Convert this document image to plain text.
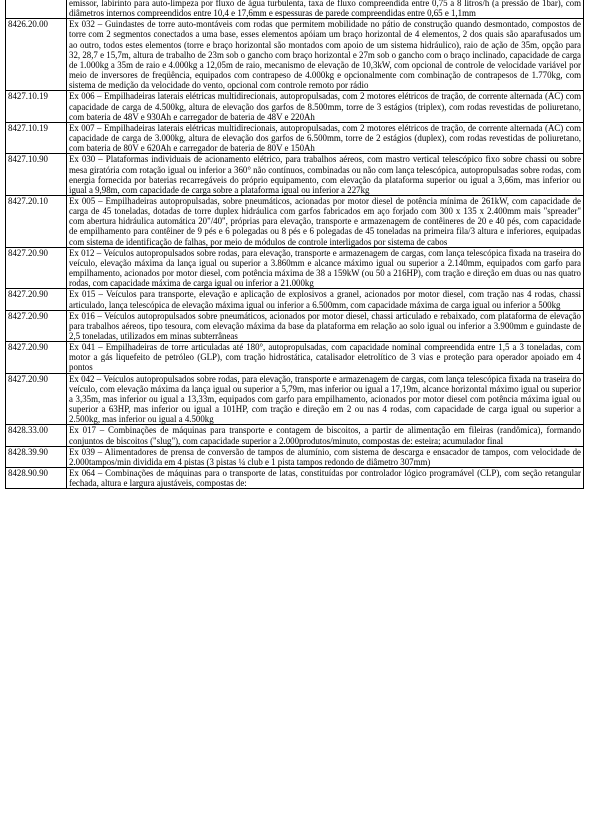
	emissor, labirinto para auto-limpeza por fluxo de água turbulenta, taxa de fluxo compreendida entre 0,75 a 8 litros/h (a pressão de 1bar), com diâmetros internos compreendidos entre 10,4 e 17,6mm e espessuras de parede compreendidas entre 0,65 e 1,1mm
8426.20.00	Ex 032 – Guindastes de torre auto-montáveis com rodas que permitem mobilidade no pátio de construção quando desmontado, compostos de torre com 2 segmentos conectados a uma base, esses elementos apóiam um braço horizontal de 4 elementos, 2 dos quais são aparafusados um ao outro, todos estes elementos (torre e braço horizontal são montados com apoio de um sistema hidráulico), raio de ação de 35m, opção para 32, 28,7 e 15,7m, altura de trabalho de 23m sob o gancho com braço horizontal e 27m sob o gancho com o braço inclinado, capacidade de carga de 1.000kg a 35m de raio e 4.000kg a 12,05m de raio, mecanismo de elevação de 10,3kW, com opcional de controle de velocidade variável por meio de inversores de freqüência, equipados com contrapeso de 4.000kg e opcionalmente com combinação de contrapesos de 1.770kg, com sistema de medição da velocidade do vento, opcional com controle remoto por rádio
8427.10.19	Ex 006 – Empilhadeiras laterais elétricas multidirecionais, autopropulsadas, com 2 motores elétricos de tração, de corrente alternada (AC) com capacidade de carga de 4.500kg, altura de elevação dos garfos de 8.500mm, torre de 3 estágios (triplex), com rodas revestidas de poliuretano, com bateria de 48V e 930Ah e carregador de bateria de 48V e 220Ah
8427.10.19	Ex 007 – Empilhadeiras laterais elétricas multidirecionais, autopropulsadas, com 2 motores elétricos de tração, de corrente alternada (AC) com capacidade de carga de 3.000kg, altura de elevação dos garfos de 6.500mm, torre de 2 estágios (duplex), com rodas revestidas de poliuretano, com bateria de 80V e 620Ah e carregador de bateria de 80V e 150Ah
8427.10.90	Ex 030 – Plataformas individuais de acionamento elétrico, para trabalhos aéreos, com mastro vertical telescópico fixo sobre chassi ou sobre mesa giratória com rotação igual ou inferior a 360° não contínuos, combinadas ou não com lança telescópica, autopropulsadas sobre rodas, com energia fornecida por baterias recarregáveis do próprio equipamento, com elevação da plataforma superior ou igual a 3,66m, mas inferior ou igual a 9,98m, com capacidade de carga sobre a plataforma igual ou inferior a 227kg
8427.20.10	Ex 005 – Empilhadeiras autopropulsadas, sobre pneumáticos, acionadas por motor diesel de potência mínima de 261kW, com capacidade de carga de 45 toneladas, dotadas de torre duplex hidráulica com garfos fabricados em aço forjado com 300 x 135 x 2.400mm mais "spreader" com abertura hidráulica automática 20"/40", próprias para elevação, transporte e armazenagem de contêineres de 20 e 40 pés, com capacidade de empilhamento para contêiner de 9 pés e 6 polegadas ou 8 pés e 6 polegadas de 45 toneladas na primeira fila/3 altura e inferiores, equipadas com sistema de identificação de falhas, por meio de módulos de controle interligados por sistema de cabos
8427.20.90	Ex 012 – Veículos autopropulsados sobre rodas, para elevação, transporte e armazenagem de cargas, com lança telescópica fixada na traseira do veículo, elevação máxima da lança igual ou superior a 3.860mm e alcance máximo igual ou superior a 2.140mm, equipados com garfo para empilhamento, acionados por motor diesel, com potência máxima de 38 a 159kW (ou 50 a 216HP), com tração e direção em duas ou nas quatro rodas, com capacidade máxima de carga igual ou inferior a 21.000kg
8427.20.90	Ex 015 – Veículos para transporte, elevação e aplicação de explosivos a granel, acionados por motor diesel, com tração nas 4 rodas, chassi articulado, lança telescópica de elevação máxima igual ou inferior a 6.500mm, com capacidade máxima de carga igual ou inferior a 500kg
8427.20.90	Ex 016 – Veículos autopropulsados sobre pneumáticos, acionados por motor diesel, chassi articulado e rebaixado, com plataforma de elevação para trabalhos aéreos, tipo tesoura, com elevação máxima da base da plataforma em relação ao solo igual ou inferior a 3.900mm e guindaste de 2,5 toneladas, utilizados em minas subterrâneas
8427.20.90	Ex 041 – Empilhadeiras de torre articuladas até 180°, autopropulsadas, com capacidade nominal compreendida entre 1,5 a 3 toneladas, com motor a gás liquefeito de petróleo (GLP), com tração hidrostática, catalisador eletrolítico de 3 vias e proteção para operador apoiado em 4 pontos
8427.20.90	Ex 042 – Veículos autopropulsados sobre rodas, para elevação, transporte e armazenagem de cargas, com lança telescópica fixada na traseira do veículo, com elevação máxima da lança igual ou superior a 5,79m, mas inferior ou igual a 17,19m, alcance horizontal máximo igual ou superior a 3,35m, mas inferior ou igual a 13,33m, equipados com garfo para empilhamento, acionados por motor diesel com potência máxima igual ou superior a 63HP, mas inferior ou igual a 101HP, com tração e direção em 2 ou nas 4 rodas, com capacidade de carga igual ou superior a 2.500kg, mas inferior ou igual a 4.500kg
8428.33.00	Ex 017 – Combinações de máquinas para transporte e contagem de biscoitos, a partir de alimentação em fileiras (randômica), formando conjuntos de biscoitos ("slug"), com capacidade superior a 2.000produtos/minuto, compostas de: esteira; acumulador final
8428.39.90	Ex 039 – Alimentadores de prensa de conversão de tampos de alumínio, com sistema de descarga e ensacador de tampos, com velocidade de 2.000tampos/min dividida em 4 pistas (3 pistas ¼ club e 1 pista tampos redondo de diâmetro 307mm)
8428.90.90	Ex 064 – Combinações de máquinas para o transporte de latas, constituídas por controlador lógico programável (CLP), com seção retangular fechada, altura e largura ajustáveis, compostas de:
